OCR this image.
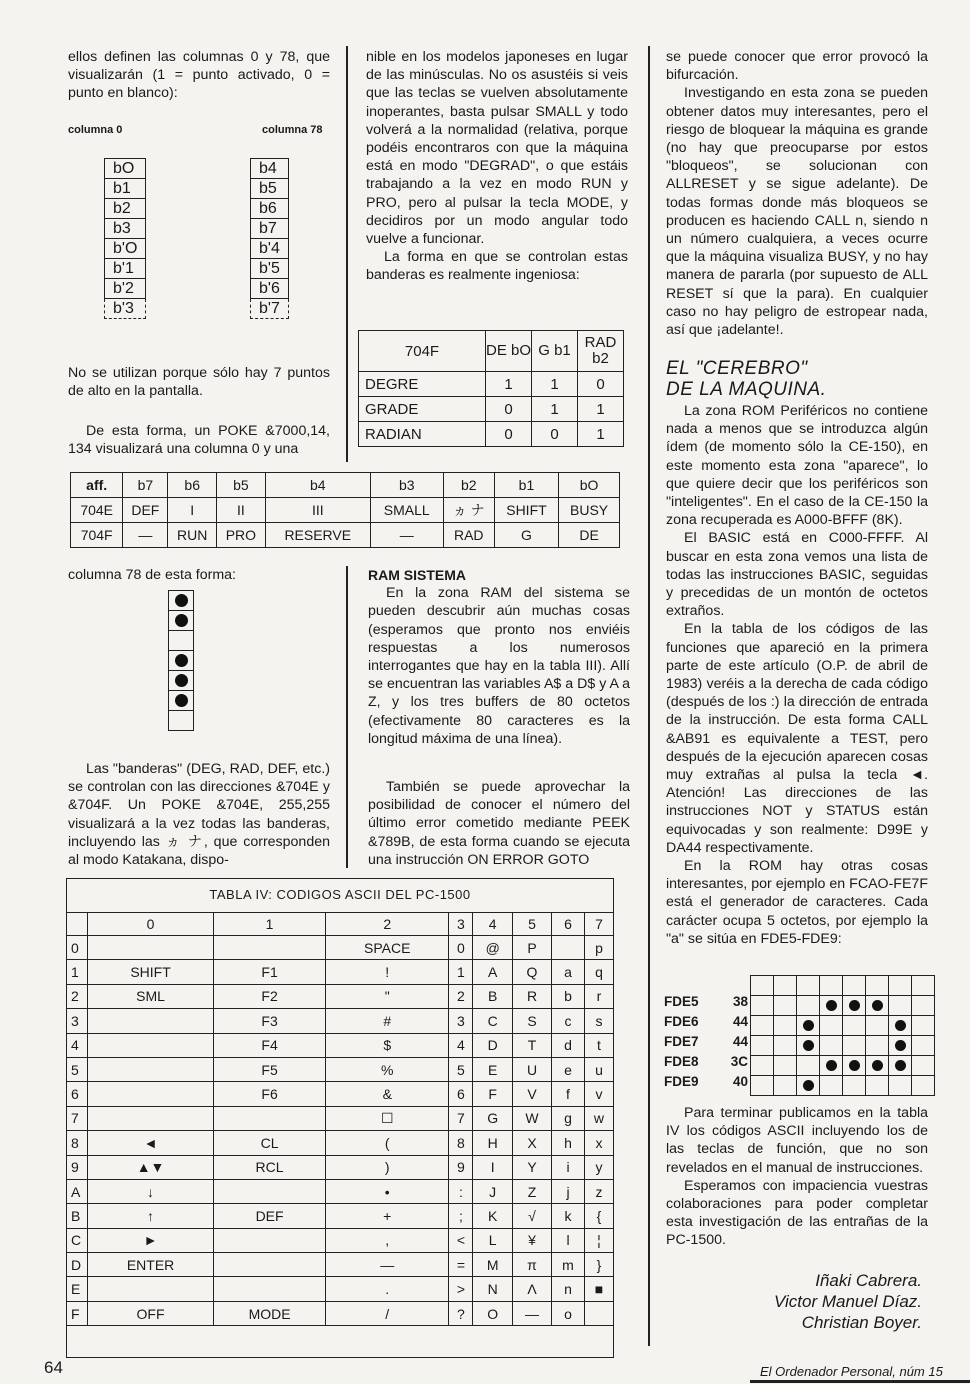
ellos definen las columnas 0 y 78, que visualizarán (1 = punto activado, 0 = punto en blanco):

columna 0	columna 78
bO
b1
b2
b3
b'O
b'1
b'2
b'3
b4
b5
b6
b7
b'4
b'5
b'6
b'7

No se utilizan porque sólo hay 7 puntos de alto en la pantalla.

De esta forma, un POKE &7000,14, 134 visualizará una columna 0 y una

nible en los modelos japoneses en lugar de las minúsculas. No os asustéis si veis que las teclas se vuelven absolutamente inoperantes, basta pulsar SMALL y todo volverá a la normalidad (relativa, porque podéis encontraros con que la máquina está en modo "DEGRAD", o que estáis trabajando a la vez en modo RUN y PRO, pero al pulsar la tecla MODE, y decidiros por un modo angular todo vuelve a funcionar.

La forma en que se controlan estas banderas es realmente ingeniosa:

704F	DE bO	G b1	RAD b2
DEGRE	1	1	0
GRADE	0	1	1
RADIAN	0	0	1
aff.	b7	b6	b5	b4	b3	b2	b1	bO
704E	DEF	I	II	III	SMALL	ヵ ナ	SHIFT	BUSY
704F	—	RUN	PRO	RESERVE	—	RAD	G	DE
columna 78 de esta forma:

Las "banderas" (DEG, RAD, DEF, etc.) se controlan con las direcciones &704E y &704F. Un POKE &704E, 255,255 visualizará a la vez todas las banderas, incluyendo las ヵ ナ, que corresponden al modo Katakana, dispo-

RAM SISTEMA

En la zona RAM del sistema se pueden descubrir aún muchas cosas (esperamos que pronto nos enviéis respuestas a los numerosos interrogantes que hay en la tabla III). Allí se encuentran las variables A$ a D$ y A a Z, y los tres buffers de 80 octetos (efectivamente 80 caracteres es la longitud máxima de una línea).

También se puede aprovechar la posibilidad de conocer el número del último error cometido mediante PEEK &789B, de esta forma cuando se ejecuta una instrucción ON ERROR GOTO

se puede conocer que error provocó la bifurcación.

Investigando en esta zona se pueden obtener datos muy interesantes, pero el riesgo de bloquear la máquina es grande (no hay que preocuparse por estos "bloqueos", se solucionan con ALLRESET y se sigue adelante). De todas formas donde más bloqueos se producen es haciendo CALL n, siendo n un número cualquiera, a veces ocurre que la máquina visualiza BUSY, y no hay manera de pararla (por supuesto de ALL RESET sí que la para). En cualquier caso no hay peligro de estropear nada, así que ¡adelante!.

EL "CEREBRO"
DE LA MAQUINA.

La zona ROM Periféricos no contiene nada a menos que se introduzca algún ídem (de momento sólo la CE-150), en este momento esta zona "aparece", lo que quiere decir que los periféricos son "inteligentes". En el caso de la CE-150 la zona recuperada es A000-BFFF (8K).

El BASIC está en C000-FFFF. Al buscar en esta zona vemos una lista de todas las instrucciones BASIC, seguidas y precedidas de un montón de octetos extraños.

En la tabla de los códigos de las funciones que apareció en la primera parte de este artículo (O.P. de abril de 1983) veréis a la derecha de cada código (después de los :) la dirección de entrada de la instrucción. De esta forma CALL &AB91 es equivalente a TEST, pero después de la ejecución aparecen cosas muy extrañas al pulsa la tecla ◄. Atención! Las direcciones de las instrucciones NOT y STATUS están equivocadas y son realmente: D99E y DA44 respectivamente.

En la ROM hay otras cosas interesantes, por ejemplo en FCAO-FE7F está el generador de caracteres. Cada carácter ocupa 5 octetos, por ejemplo la "a" se sitúa en FDE5-FDE9:

FDE5	38
FDE6	44
FDE7	44
FDE8 3C
FDE9	40

Para terminar publicamos en la tabla IV los códigos ASCII incluyendo los de las teclas de función, que no son revelados en el manual de instrucciones.

Esperamos con impaciencia vuestras colaboraciones para poder completar esta investigación de las entrañas de la PC-1500.

Iñaki Cabrera.
Victor Manuel Díaz.
Christian Boyer.
TABLA IV: CODIGOS ASCII DEL PC-1500
	0	1	2	3	4	5	6	7
0			SPACE	0	@	P		p
1	SHIFT	F1	!	1	A	Q	a	q
2	SML	F2	"	2	B	R	b	r
3		F3	#	3	C	S	c	s
4		F4	$	4	D	T	d	t
5		F5	%	5	E	U	e	u
6		F6	&	6	F	V	f	v
7			☐	7	G	W	g	w
8	◄	CL	(	8	H	X	h	x
9	▲▼	RCL	)	9	I	Y	i	y
A	↓		•	:	J	Z	j	z
B	↑	DEF	+	;	K	√	k	{
C	►		,	<	L	¥	l	¦
D	ENTER		—	=	M	π	m	}
E			.	>	N	Λ	n	■
F	OFF	MODE	/	?	O	—	o	
64	El Ordenador Personal, núm 15
